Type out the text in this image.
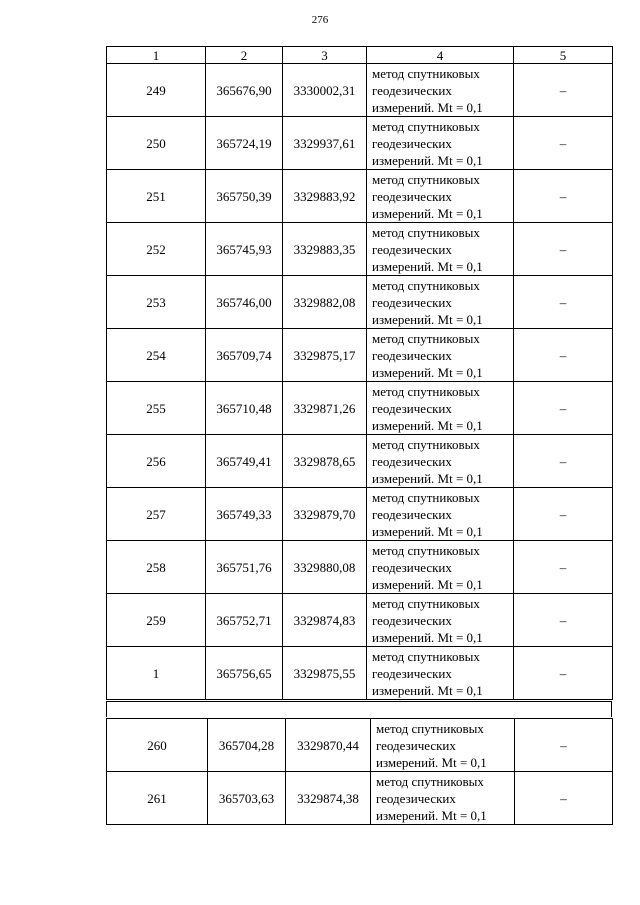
276
1	2	3	4	5
249	365676,90	3330002,31	метод спутниковых
геодезических
измерений. Mt = 0,1	–
250	365724,19	3329937,61	метод спутниковых
геодезических
измерений. Mt = 0,1	–
251	365750,39	3329883,92	метод спутниковых
геодезических
измерений. Mt = 0,1	–
252	365745,93	3329883,35	метод спутниковых
геодезических
измерений. Mt = 0,1	–
253	365746,00	3329882,08	метод спутниковых
геодезических
измерений. Mt = 0,1	–
254	365709,74	3329875,17	метод спутниковых
геодезических
измерений. Mt = 0,1	–
255	365710,48	3329871,26	метод спутниковых
геодезических
измерений. Mt = 0,1	–
256	365749,41	3329878,65	метод спутниковых
геодезических
измерений. Mt = 0,1	–
257	365749,33	3329879,70	метод спутниковых
геодезических
измерений. Mt = 0,1	–
258	365751,76	3329880,08	метод спутниковых
геодезических
измерений. Mt = 0,1	–
259	365752,71	3329874,83	метод спутниковых
геодезических
измерений. Mt = 0,1	–
1	365756,65	3329875,55	метод спутниковых
геодезических
измерений. Mt = 0,1	–
260	365704,28	3329870,44	метод спутниковых
геодезических
измерений. Mt = 0,1	–
261	365703,63	3329874,38	метод спутниковых
геодезических
измерений. Mt = 0,1	–
